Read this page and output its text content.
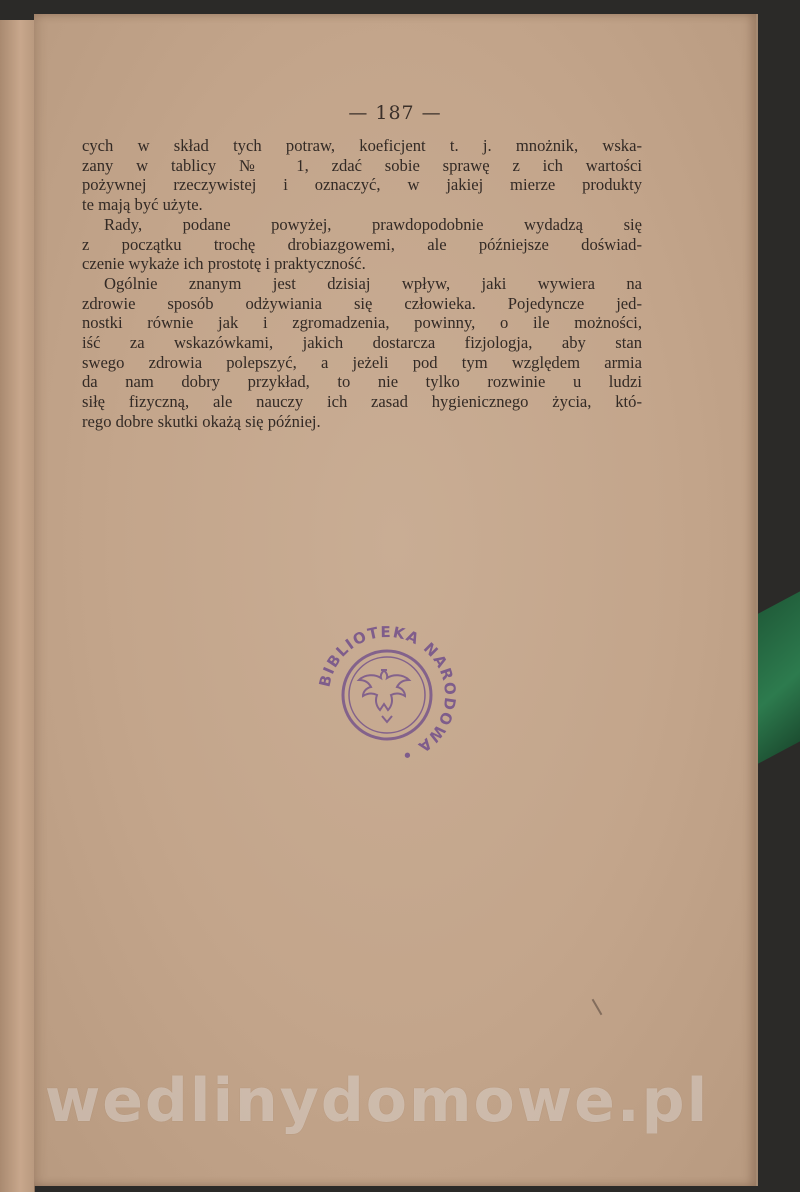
— 187 —
cych w skład tych potraw, koeficjent t. j. mnożnik, wska-
zany w tablicy № 1, zdać sobie sprawę z ich wartości
pożywnej rzeczywistej i oznaczyć, w jakiej mierze produkty
te mają być użyte.
Rady, podane powyżej, prawdopodobnie wydadzą się
z początku trochę drobiazgowemi, ale późniejsze doświad-
czenie wykaże ich prostotę i praktyczność.
Ogólnie znanym jest dzisiaj wpływ, jaki wywiera na
zdrowie sposób odżywiania się człowieka. Pojedyncze jed-
nostki równie jak i zgromadzenia, powinny, o ile możności,
iść za wskazówkami, jakich dostarcza fizjologja, aby stan
swego zdrowia polepszyć, a jeżeli pod tym względem armia
da nam dobry przykład, to nie tylko rozwinie u ludzi
siłę fizyczną, ale nauczy ich zasad hygienicznego życia, któ-
rego dobre skutki okażą się później.
BIBLIOTEKA NARODOWA •
wedlinydomowe.pl
